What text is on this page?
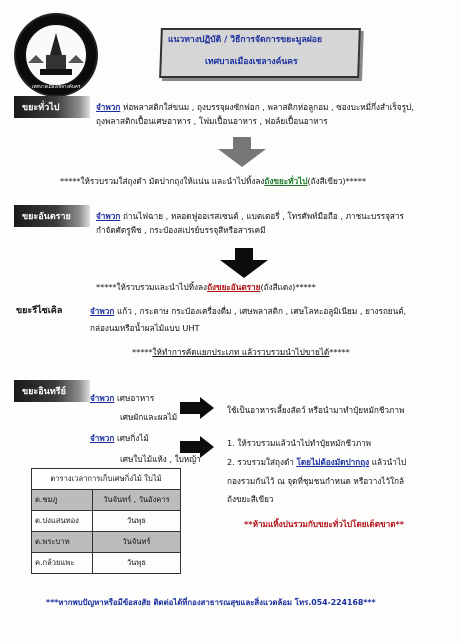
เทศบาลเมืองเชลางค์นคร
แนวทางปฏิบัติ / วิธีการจัดการขยะมูลฝอย
เทศบาลเมืองเชลางค์นคร
ขยะทั่วไป	จำพวก ห่อพลาสติกใส่ขนม , ถุงบรรจุผงซักฟอก , พลาสติกห่อลูกอม , ซองบะหมี่กึ่งสำเร็จรูป,
ถุงพลาสติกเปื้อนเศษอาหาร , โฟมเปื้อนอาหาร , ฟอล์ยเปื้อนอาหาร
*****ให้รวบรวมใส่ถุงดำ มัดปากถุงให้แน่น และนำไปทิ้งลงถังขยะทั่วไป(ถังสีเขียว)*****
ขยะอันตราย	จำพวก ถ่านไฟฉาย , หลอดฟูออเรสเซนต์ , แบตเตอรี่ , โทรศัพท์มือถือ , ภาชนะบรรจุสาร
กำจัดศัตรูพืช , กระป๋องสเปรย์บรรจุสีหรือสารเคมี
*****ให้รวบรวมและนำไปทิ้งลงถังขยะอันตราย(ถังสีแดง)*****
ขยะรีไซเคิล	จำพวก แก้ว , กระดาษ กระป๋องเครื่องดื่ม , เศษพลาสติก , เศษโลหะอลูมิเนียม , ยางรถยนต์,
กล่องนมหรือน้ำผลไม้แบบ UHT
*****ให้ทำการคัดแยกประเภท แล้วรวบรวมนำไปขายได้*****
ขยะอินทรีย์
จำพวก เศษอาหาร
เศษผักและผลไม้
ใช้เป็นอาหารเลี้ยงสัตว์ หรือนำมาทำปุ๋ยหมักชีวภาพ
จำพวก เศษกิ่งไม้
เศษใบไม้แห้ง , ใบหญ้า
1. ให้รวบรวมแล้วนำไปทำปุ๋ยหมักชีวภาพ
2. รวบรวมใส่ถุงดำ โดยไม่ต้องมัดปากถุง แล้วนำไป
กองรวมกันไว้ ณ จุดที่ชุมชนกำหนด หรือวางไว้ใกล้
ถังขยะสีเขียว
**ห้ามแทิ้งปนรวมกับขยะทั่วไปโดยเด็ดขาด**
ตารางเวลาการเก็บเศษกิ่งไม้ ใบไม้	
ต.ชมภู	วันจันทร์ , วันอังคาร
ต.ปงแสนทอง	วันพุธ
ต.พระบาท	วันจันทร์
ค.กล้วยแพะ	วันพุธ
***หากพบปัญหาหรือมีข้อสงสัย ติดต่อได้ที่กองสาธารณสุขและสิ่งแวดล้อม โทร.054-224168***
